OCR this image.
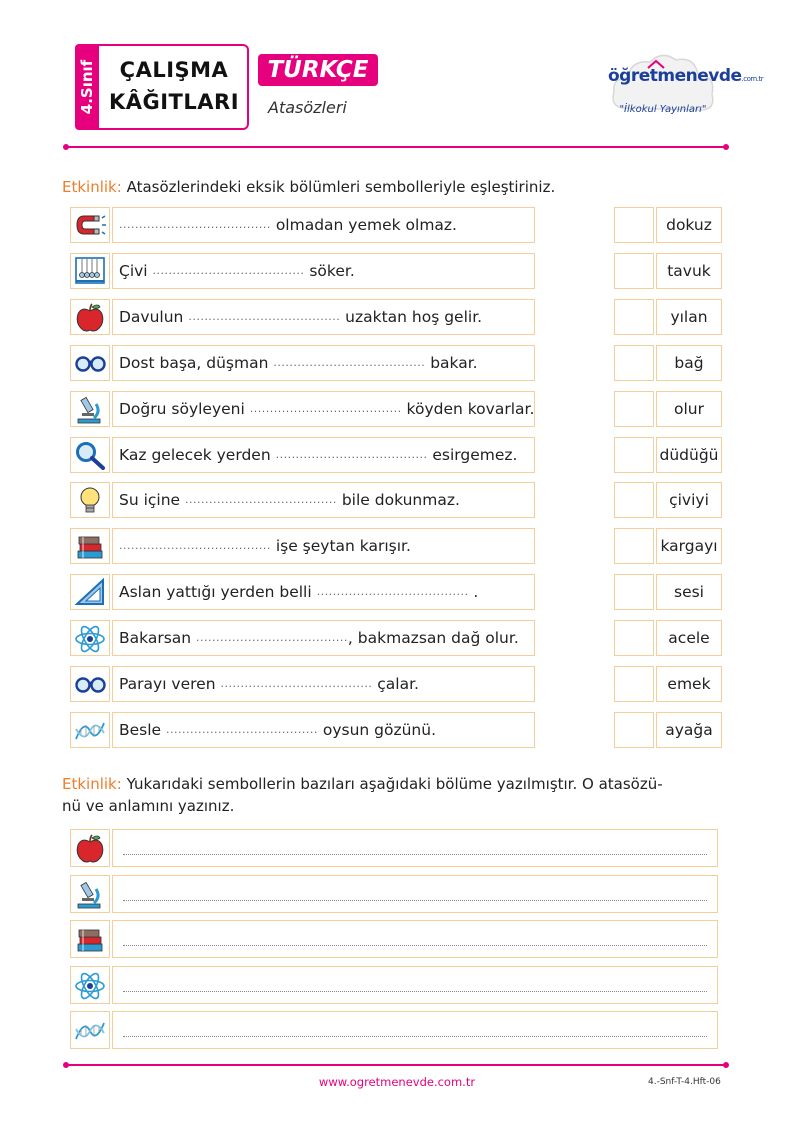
4.Sınıf	ÇALIŞMA
KÂĞITLARI
TÜRKÇE
Atasözleri
öğretmenevde.com.tr
"İlkokul Yayınları"
Etkinlik: Atasözlerindeki eksik bölümleri sembolleriyle eşleştiriniz.
...................................... olmadan yemek olmaz.	dokuz
Çivi ...................................... söker.	tavuk
Davulun ...................................... uzaktan hoş gelir.	yılan
Dost başa, düşman ...................................... bakar.	bağ
Doğru söyleyeni ...................................... köyden kovarlar.	olur
Kaz gelecek yerden ...................................... esirgemez.	düdüğü
Su içine ...................................... bile dokunmaz.	çiviyi
...................................... işe şeytan karışır.	kargayı
Aslan yattığı yerden belli ...................................... .	sesi
Bakarsan ......................................, bakmazsan dağ olur.	acele
Parayı veren ...................................... çalar.	emek
Besle ...................................... oysun gözünü.	ayağa
Etkinlik: Yukarıdaki sembollerin bazıları aşağıdaki bölüme yazılmıştır. O atasözü-
nü ve anlamını yazınız.
www.ogretmenevde.com.tr	4.-Snf-T-4.Hft-06
